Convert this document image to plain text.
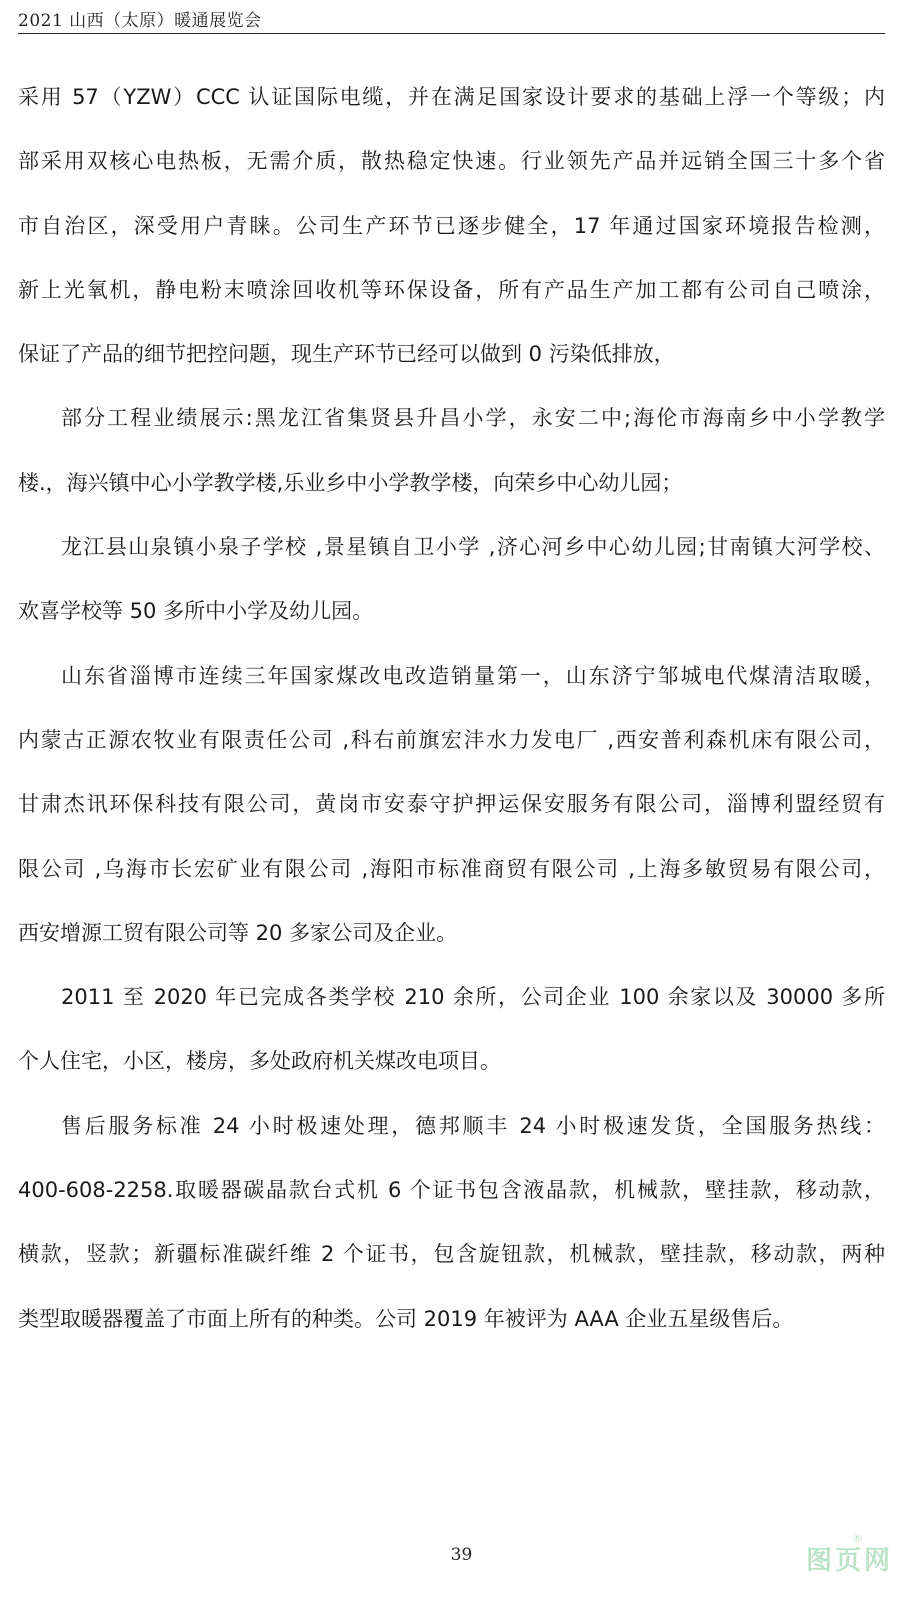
2021 山西（太原）暖通展览会
采用 57（YZW）CCC 认证国际电缆，并在满足国家设计要求的基础上浮一个等级；内
部采用双核心电热板，无需介质，散热稳定快速。行业领先产品并远销全国三十多个省
市自治区，深受用户青睐。公司生产环节已逐步健全，17 年通过国家环境报告检测，
新上光氧机，静电粉末喷涂回收机等环保设备，所有产品生产加工都有公司自己喷涂，
保证了产品的细节把控问题，现生产环节已经可以做到 0 污染低排放，
部分工程业绩展示:黑龙江省集贤县升昌小学，永安二中;海伦市海南乡中小学教学
楼.，海兴镇中心小学教学楼,乐业乡中小学教学楼，向荣乡中心幼儿园；
龙江县山泉镇小泉子学校 ,景星镇自卫小学 ,济心河乡中心幼儿园;甘南镇大河学校、
欢喜学校等 50 多所中小学及幼儿园。
山东省淄博市连续三年国家煤改电改造销量第一，山东济宁邹城电代煤清洁取暖，
内蒙古正源农牧业有限责任公司 ,科右前旗宏沣水力发电厂 ,西安普利森机床有限公司，
甘肃杰讯环保科技有限公司，黄岗市安泰守护押运保安服务有限公司，淄博利盟经贸有
限公司 ,乌海市长宏矿业有限公司 ,海阳市标准商贸有限公司 ,上海多敏贸易有限公司，
西安增源工贸有限公司等 20 多家公司及企业。
2011 至 2020 年已完成各类学校 210 余所，公司企业 100 余家以及 30000 多所
个人住宅，小区，楼房，多处政府机关煤改电项目。
售后服务标准 24 小时极速处理，德邦顺丰 24 小时极速发货，全国服务热线：
400-608-2258.取暖器碳晶款台式机 6 个证书包含液晶款，机械款，壁挂款，移动款，
横款，竖款；新疆标准碳纤维 2 个证书，包含旋钮款，机械款，壁挂款，移动款，两种
类型取暖器覆盖了市面上所有的种类。公司 2019 年被评为 AAA 企业五星级售后。
39
®
图页网
